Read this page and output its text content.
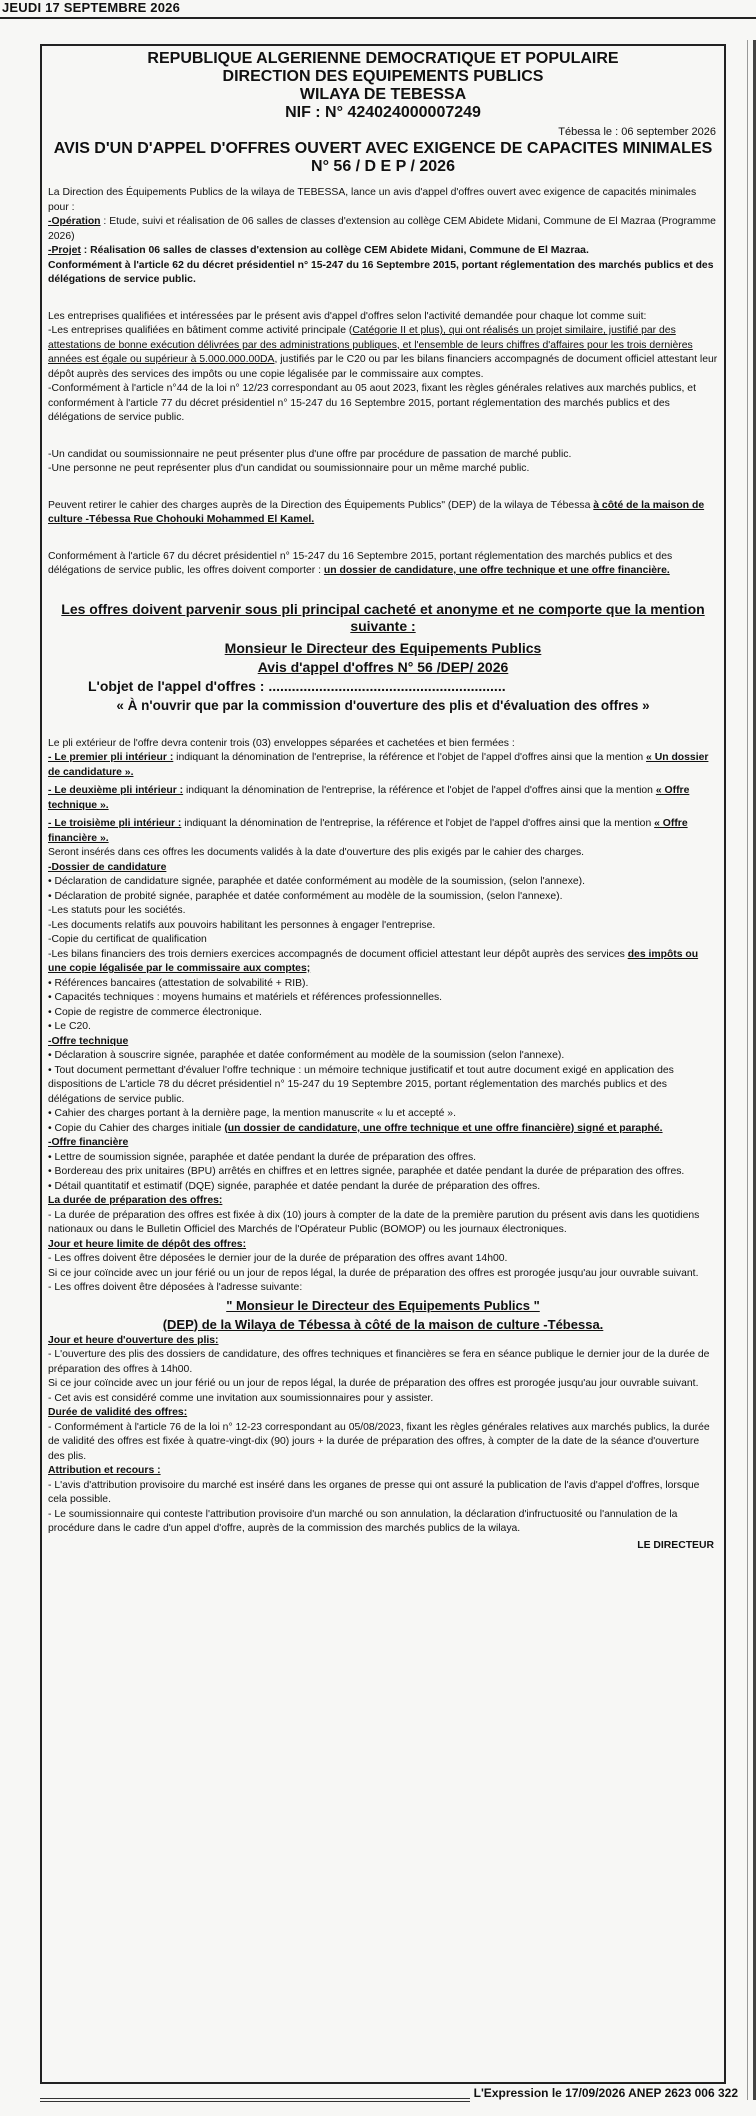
JEUDI 17 SEPTEMBRE 2026
REPUBLIQUE ALGERIENNE DEMOCRATIQUE ET POPULAIRE
DIRECTION DES EQUIPEMENTS PUBLICS
WILAYA DE TEBESSA
NIF : N° 424024000007249
Tébessa le : 06 september 2026
AVIS D'UN D'APPEL D'OFFRES OUVERT AVEC EXIGENCE DE CAPACITES MINIMALES N° 56 / D E P / 2026

La Direction des Équipements Publics de la wilaya de TEBESSA, lance un avis d'appel d'offres ouvert avec exigence de capacités minimales pour :

-Opération : Etude, suivi et réalisation de 06 salles de classes d'extension au collège CEM Abidete Midani, Commune de El Mazraa (Programme 2026)

-Projet : Réalisation 06 salles de classes d'extension au collège CEM Abidete Midani, Commune de El Mazraa.

Conformément à l'article 62 du décret présidentiel n° 15-247 du 16 Septembre 2015, portant réglementation des marchés publics et des délégations de service public.

Les entreprises qualifiées et intéressées par le présent avis d'appel d'offres selon l'activité demandée pour chaque lot comme suit:

-Les entreprises qualifiées en bâtiment comme activité principale (Catégorie II et plus), qui ont réalisés un projet similaire, justifié par des attestations de bonne exécution délivrées par des administrations publiques, et l'ensemble de leurs chiffres d'affaires pour les trois dernières années est égale ou supérieur à 5.000.000.00DA, justifiés par le C20 ou par les bilans financiers accompagnés de document officiel attestant leur dépôt auprès des services des impôts ou une copie légalisée par le commissaire aux comptes.

-Conformément à l'article n°44 de la loi n° 12/23 correspondant au 05 aout 2023, fixant les règles générales relatives aux marchés publics, et conformément à l'article 77 du décret présidentiel n° 15-247 du 16 Septembre 2015, portant réglementation des marchés publics et des délégations de service public.

-Un candidat ou soumissionnaire ne peut présenter plus d'une offre par procédure de passation de marché public.

-Une personne ne peut représenter plus d'un candidat ou soumissionnaire pour un même marché public.

Peuvent retirer le cahier des charges auprès de la Direction des Équipements Publics" (DEP) de la wilaya de Tébessa à côté de la maison de culture -Tébessa Rue Chohouki Mohammed El Kamel.

Conformément à l'article 67 du décret présidentiel n° 15-247 du 16 Septembre 2015, portant réglementation des marchés publics et des délégations de service public, les offres doivent comporter : un dossier de candidature, une offre technique et une offre financière.

Les offres doivent parvenir sous pli principal cacheté et anonyme et ne comporte que la mention suivante :
Monsieur le Directeur des Equipements Publics
Avis d'appel d'offres N° 56 /DEP/ 2026
L'objet de l'appel d'offres : .............................................................
« À n'ouvrir que par la commission d'ouverture des plis et d'évaluation des offres »

Le pli extérieur de l'offre devra contenir trois (03) enveloppes séparées et cachetées et bien fermées :

- Le premier pli intérieur : indiquant la dénomination de l'entreprise, la référence et l'objet de l'appel d'offres ainsi que la mention « Un dossier de candidature ».

- Le deuxième pli intérieur : indiquant la dénomination de l'entreprise, la référence et l'objet de l'appel d'offres ainsi que la mention « Offre technique ».

- Le troisième pli intérieur : indiquant la dénomination de l'entreprise, la référence et l'objet de l'appel d'offres ainsi que la mention « Offre financière ».

Seront insérés dans ces offres les documents validés à la date d'ouverture des plis exigés par le cahier des charges.

-Dossier de candidature

• Déclaration de candidature signée, paraphée et datée conformément au modèle de la soumission, (selon l'annexe).

• Déclaration de probité signée, paraphée et datée conformément au modèle de la soumission, (selon l'annexe).

-Les statuts pour les sociétés.

-Les documents relatifs aux pouvoirs habilitant les personnes à engager l'entreprise.

-Copie du certificat de qualification

-Les bilans financiers des trois derniers exercices accompagnés de document officiel attestant leur dépôt auprès des services des impôts ou une copie légalisée par le commissaire aux comptes;

• Références bancaires (attestation de solvabilité + RIB).

• Capacités techniques : moyens humains et matériels et références professionnelles.

• Copie de registre de commerce électronique.

• Le C20.

-Offre technique

• Déclaration à souscrire signée, paraphée et datée conformément au modèle de la soumission (selon l'annexe).

• Tout document permettant d'évaluer l'offre technique : un mémoire technique justificatif et tout autre document exigé en application des dispositions de L'article 78 du décret présidentiel n° 15-247 du 19 Septembre 2015, portant réglementation des marchés publics et des délégations de service public.

• Cahier des charges portant à la dernière page, la mention manuscrite « lu et accepté ».

• Copie du Cahier des charges initiale (un dossier de candidature, une offre technique et une offre financière) signé et paraphé.

-Offre financière

• Lettre de soumission signée, paraphée et datée pendant la durée de préparation des offres.

• Bordereau des prix unitaires (BPU) arrêtés en chiffres et en lettres signée, paraphée et datée pendant la durée de préparation des offres.

• Détail quantitatif et estimatif (DQE) signée, paraphée et datée pendant la durée de préparation des offres.

La durée de préparation des offres:

- La durée de préparation des offres est fixée à dix (10) jours à compter de la date de la première parution du présent avis dans les quotidiens nationaux ou dans le Bulletin Officiel des Marchés de l'Opérateur Public (BOMOP) ou les journaux électroniques.

Jour et heure limite de dépôt des offres:

- Les offres doivent être déposées le dernier jour de la durée de préparation des offres avant 14h00.

Si ce jour coïncide avec un jour férié ou un jour de repos légal, la durée de préparation des offres est prorogée jusqu'au jour ouvrable suivant.

- Les offres doivent être déposées à l'adresse suivante:

" Monsieur le Directeur des Equipements Publics "
(DEP) de la Wilaya de Tébessa à côté de la maison de culture -Tébessa.

Jour et heure d'ouverture des plis:

- L'ouverture des plis des dossiers de candidature, des offres techniques et financières se fera en séance publique le dernier jour de la durée de préparation des offres à 14h00.

Si ce jour coïncide avec un jour férié ou un jour de repos légal, la durée de préparation des offres est prorogée jusqu'au jour ouvrable suivant.

- Cet avis est considéré comme une invitation aux soumissionnaires pour y assister.

Durée de validité des offres:

- Conformément à l'article 76 de la loi n° 12-23 correspondant au 05/08/2023, fixant les règles générales relatives aux marchés publics, la durée de validité des offres est fixée à quatre-vingt-dix (90) jours + la durée de préparation des offres, à compter de la date de la séance d'ouverture des plis.

Attribution et recours :

- L'avis d'attribution provisoire du marché est inséré dans les organes de presse qui ont assuré la publication de l'avis d'appel d'offres, lorsque cela possible.

- Le soumissionnaire qui conteste l'attribution provisoire d'un marché ou son annulation, la déclaration d'infructuosité ou l'annulation de la procédure dans le cadre d'un appel d'offre, auprès de la commission des marchés publics de la wilaya.

LE DIRECTEUR
L'Expression le 17/09/2026 ANEP 2623 006 322
